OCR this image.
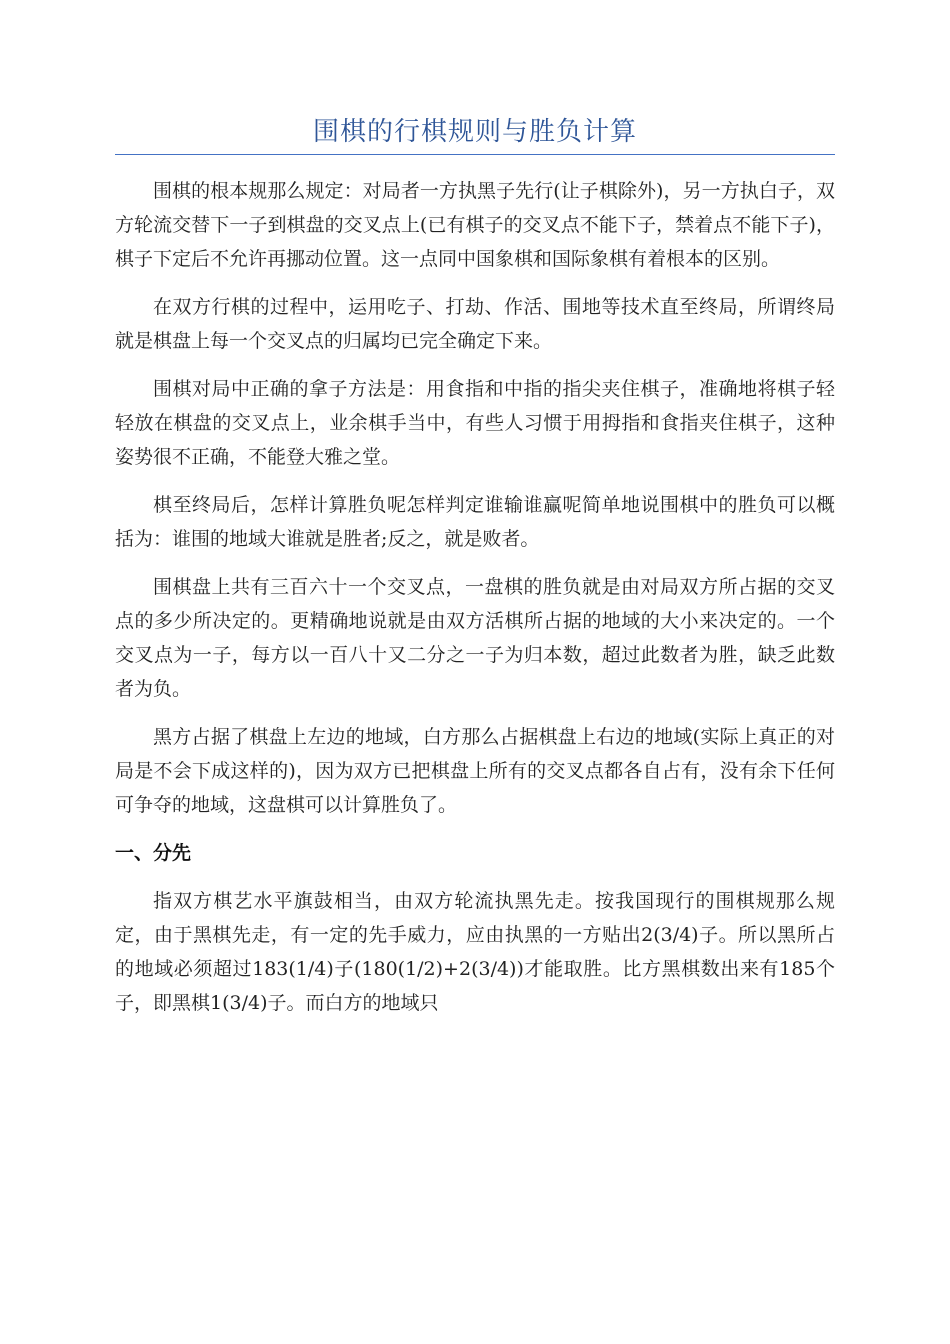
围棋的行棋规则与胜负计算

围棋的根本规那么规定：对局者一方执黑子先行(让子棋除外)，另一方执白子，双方轮流交替下一子到棋盘的交叉点上(已有棋子的交叉点不能下子，禁着点不能下子)，棋子下定后不允许再挪动位置。这一点同中国象棋和国际象棋有着根本的区别。

在双方行棋的过程中，运用吃子、打劫、作活、围地等技术直至终局，所谓终局就是棋盘上每一个交叉点的归属均已完全确定下来。

围棋对局中正确的拿子方法是：用食指和中指的指尖夹住棋子，准确地将棋子轻轻放在棋盘的交叉点上，业余棋手当中，有些人习惯于用拇指和食指夹住棋子，这种姿势很不正确，不能登大雅之堂。

棋至终局后，怎样计算胜负呢怎样判定谁输谁赢呢简单地说围棋中的胜负可以概括为：谁围的地域大谁就是胜者;反之，就是败者。

围棋盘上共有三百六十一个交叉点，一盘棋的胜负就是由对局双方所占据的交叉点的多少所决定的。更精确地说就是由双方活棋所占据的地域的大小来决定的。一个交叉点为一子，每方以一百八十又二分之一子为归本数，超过此数者为胜，缺乏此数者为负。

黑方占据了棋盘上左边的地域，白方那么占据棋盘上右边的地域(实际上真正的对局是不会下成这样的)，因为双方已把棋盘上所有的交叉点都各自占有，没有余下任何可争夺的地域，这盘棋可以计算胜负了。

一、分先

指双方棋艺水平旗鼓相当，由双方轮流执黑先走。按我国现行的围棋规那么规定，由于黑棋先走，有一定的先手威力，应由执黑的一方贴出2(3/4)子。所以黑所占的地域必须超过183(1/4)子(180(1/2)+2(3/4))才能取胜。比方黑棋数出来有185个子，即黑棋1(3/4)子。而白方的地域只
